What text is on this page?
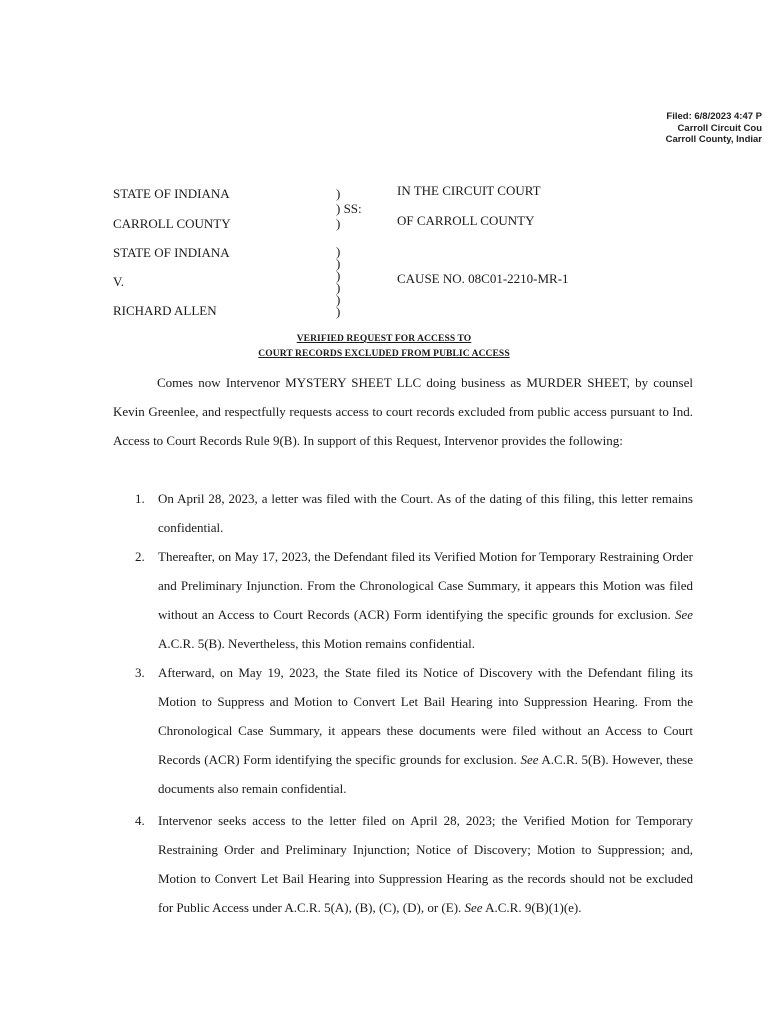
Filed: 6/8/2023 4:47 P
Carroll Circuit Cou
Carroll County, Indiar
STATE OF INDIANA
CARROLL COUNTY
STATE OF INDIANA
V.
RICHARD ALLEN
)
) SS:
)
)
)
)
)
)
)
IN THE CIRCUIT COURT
OF CARROLL COUNTY
CAUSE NO. 08C01-2210-MR-1
VERIFIED REQUEST FOR ACCESS TO
COURT RECORDS EXCLUDED FROM PUBLIC ACCESS

Comes now Intervenor MYSTERY SHEET LLC doing business as MURDER SHEET, by counsel Kevin Greenlee, and respectfully requests access to court records excluded from public access pursuant to Ind. Access to Court Records Rule 9(B). In support of this Request, Intervenor provides the following:

1. On April 28, 2023, a letter was filed with the Court. As of the dating of this filing, this letter remains confidential.
2. Thereafter, on May 17, 2023, the Defendant filed its Verified Motion for Temporary Restraining Order and Preliminary Injunction. From the Chronological Case Summary, it appears this Motion was filed without an Access to Court Records (ACR) Form identifying the specific grounds for exclusion. See A.C.R. 5(B). Nevertheless, this Motion remains confidential.
3. Afterward, on May 19, 2023, the State filed its Notice of Discovery with the Defendant filing its Motion to Suppress and Motion to Convert Let Bail Hearing into Suppression Hearing. From the Chronological Case Summary, it appears these documents were filed without an Access to Court Records (ACR) Form identifying the specific grounds for exclusion. See A.C.R. 5(B). However, these documents also remain confidential.
4. Intervenor seeks access to the letter filed on April 28, 2023; the Verified Motion for Temporary Restraining Order and Preliminary Injunction; Notice of Discovery; Motion to Suppression; and, Motion to Convert Let Bail Hearing into Suppression Hearing as the records should not be excluded for Public Access under A.C.R. 5(A), (B), (C), (D), or (E). See A.C.R. 9(B)(1)(e).
